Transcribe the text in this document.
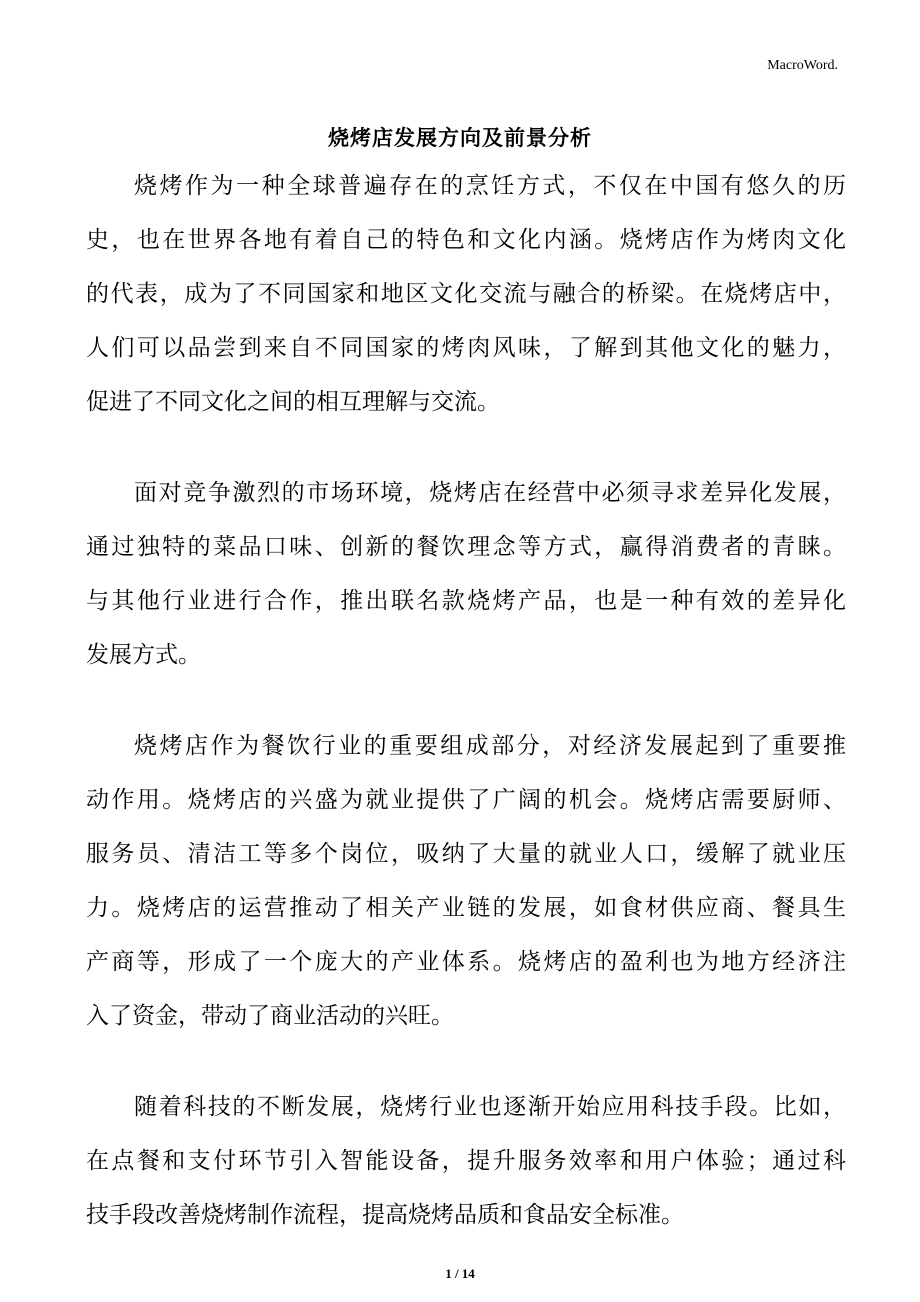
MacroWord.
烧烤店发展方向及前景分析
烧烤作为一种全球普遍存在的烹饪方式，不仅在中国有悠久的历
史，也在世界各地有着自己的特色和文化内涵。烧烤店作为烤肉文化
的代表，成为了不同国家和地区文化交流与融合的桥梁。在烧烤店中，
人们可以品尝到来自不同国家的烤肉风味，了解到其他文化的魅力，
促进了不同文化之间的相互理解与交流。
面对竞争激烈的市场环境，烧烤店在经营中必须寻求差异化发展，
通过独特的菜品口味、创新的餐饮理念等方式，赢得消费者的青睐。
与其他行业进行合作，推出联名款烧烤产品，也是一种有效的差异化
发展方式。
烧烤店作为餐饮行业的重要组成部分，对经济发展起到了重要推
动作用。烧烤店的兴盛为就业提供了广阔的机会。烧烤店需要厨师、
服务员、清洁工等多个岗位，吸纳了大量的就业人口，缓解了就业压
力。烧烤店的运营推动了相关产业链的发展，如食材供应商、餐具生
产商等，形成了一个庞大的产业体系。烧烤店的盈利也为地方经济注
入了资金，带动了商业活动的兴旺。
随着科技的不断发展，烧烤行业也逐渐开始应用科技手段。比如，
在点餐和支付环节引入智能设备，提升服务效率和用户体验；通过科
技手段改善烧烤制作流程，提高烧烤品质和食品安全标准。
1 / 14
